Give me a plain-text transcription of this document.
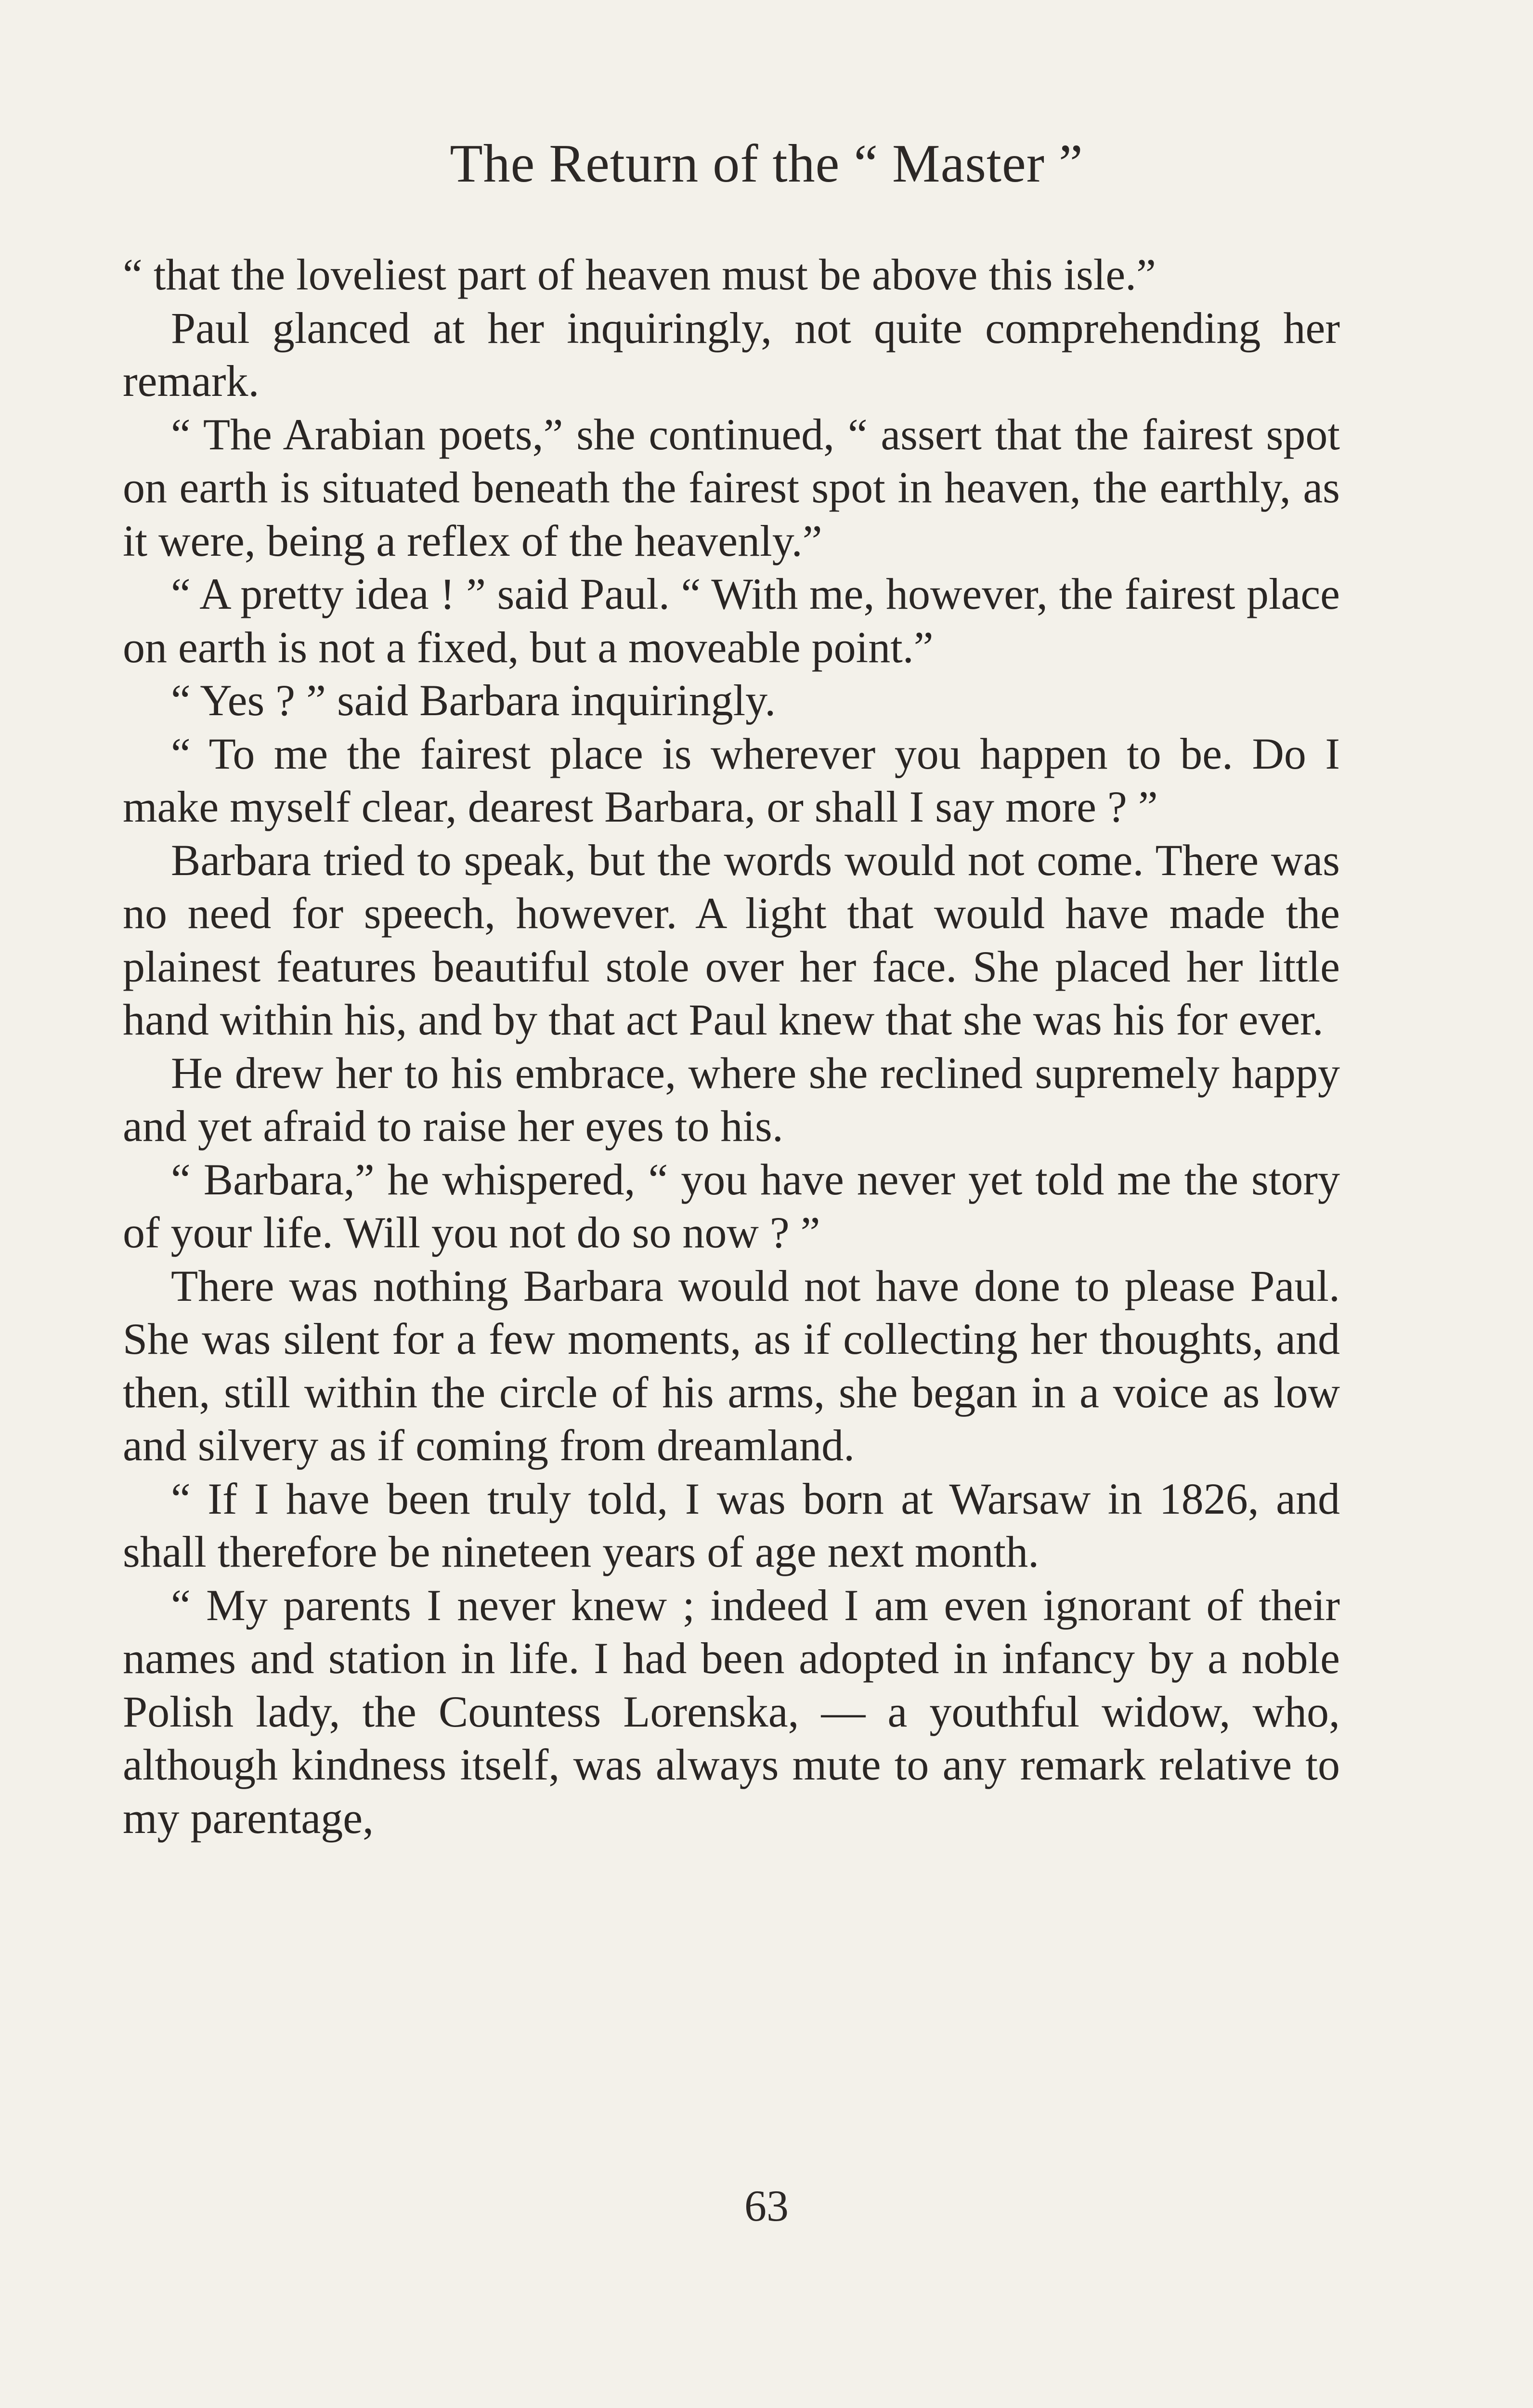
The Return of the “ Master ”

“ that the loveliest part of heaven must be above this isle.”

Paul glanced at her inquiringly, not quite comprehending her remark.

“ The Arabian poets,” she continued, “ assert that the fairest spot on earth is situated beneath the fairest spot in heaven, the earthly, as it were, being a reflex of the heavenly.”

“ A pretty idea ! ” said Paul. “ With me, however, the fairest place on earth is not a fixed, but a moveable point.”

“ Yes ? ” said Barbara inquiringly.

“ To me the fairest place is wherever you happen to be. Do I make myself clear, dearest Barbara, or shall I say more ? ”

Barbara tried to speak, but the words would not come. There was no need for speech, however. A light that would have made the plainest features beautiful stole over her face. She placed her little hand within his, and by that act Paul knew that she was his for ever.

He drew her to his embrace, where she reclined supremely happy and yet afraid to raise her eyes to his.

“ Barbara,” he whispered, “ you have never yet told me the story of your life. Will you not do so now ? ”

There was nothing Barbara would not have done to please Paul. She was silent for a few moments, as if collecting her thoughts, and then, still within the circle of his arms, she began in a voice as low and silvery as if coming from dreamland.

“ If I have been truly told, I was born at Warsaw in 1826, and shall therefore be nineteen years of age next month.

“ My parents I never knew ; indeed I am even ignorant of their names and station in life. I had been adopted in infancy by a noble Polish lady, the Countess Lorenska, — a youthful widow, who, although kindness itself, was always mute to any remark relative to my parentage,

63
